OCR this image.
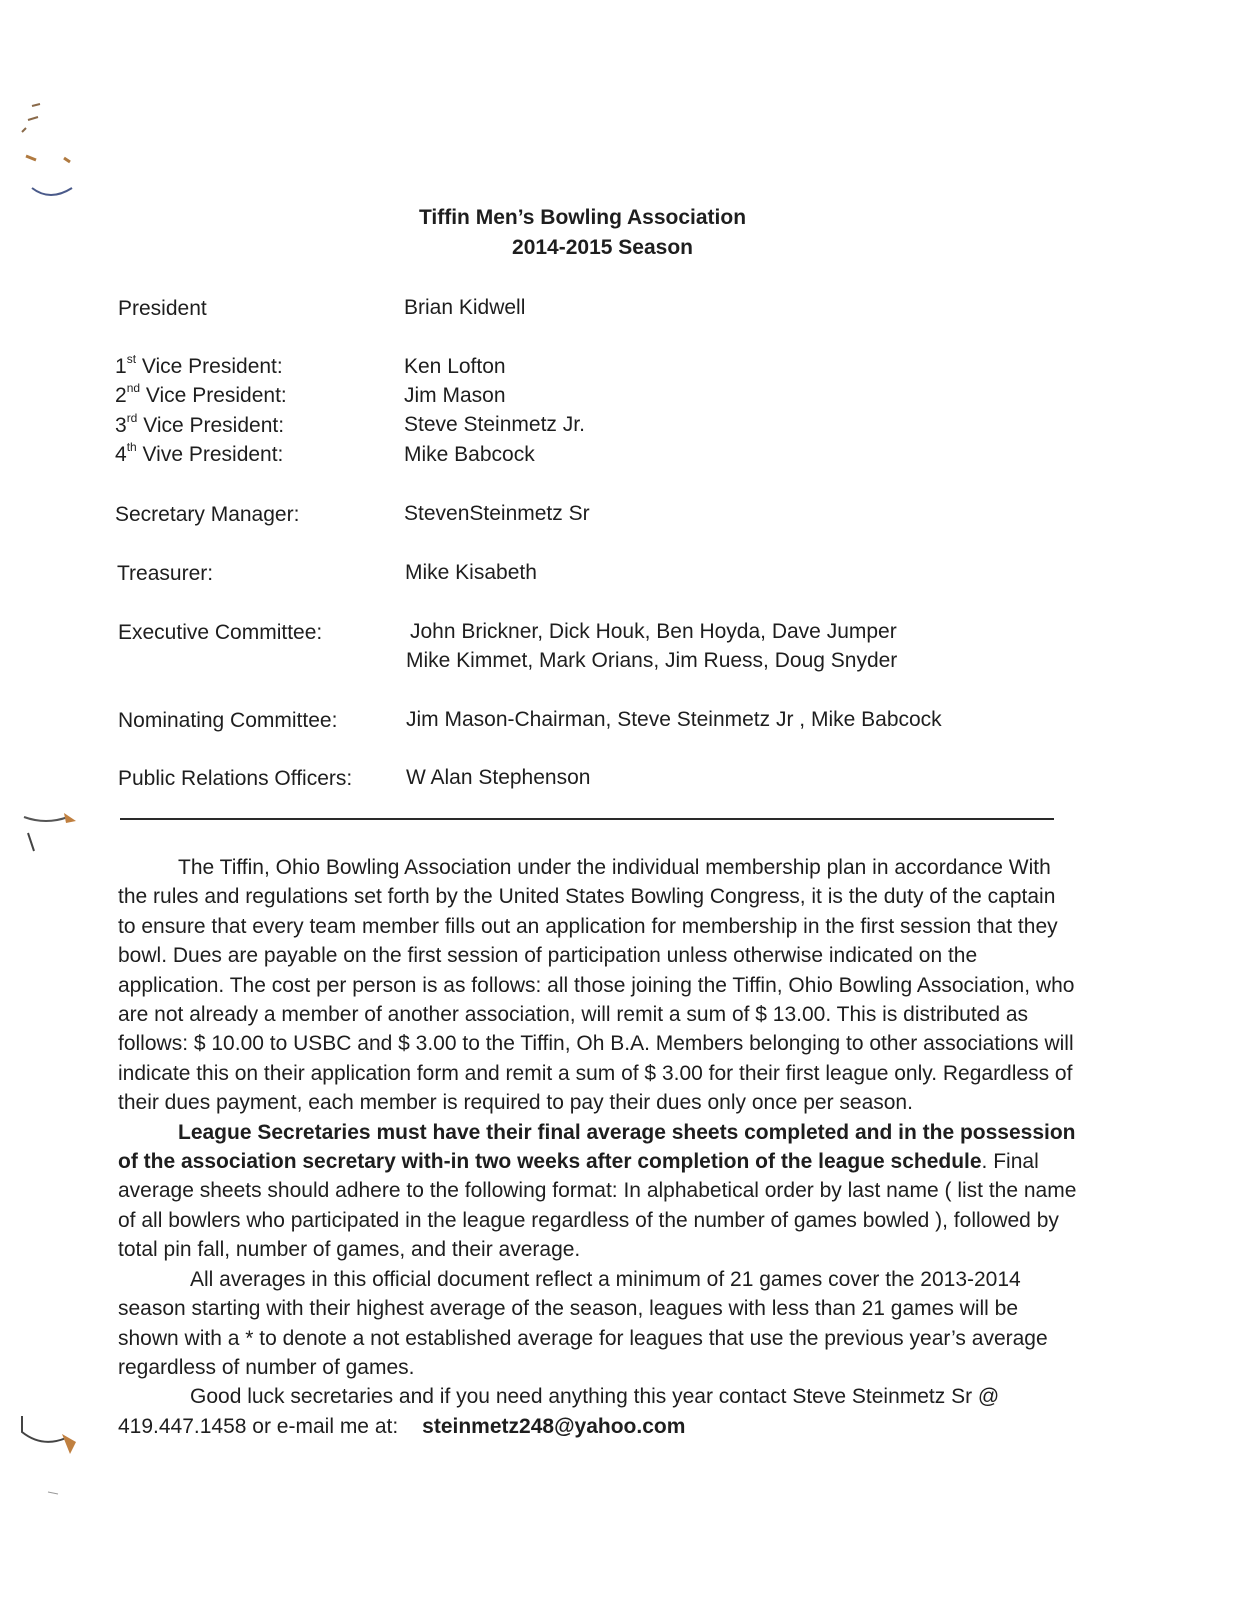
Tiffin Men’s Bowling Association
2014-2015 Season
President	Brian Kidwell
1st Vice President:	Ken Lofton
2nd Vice President:	Jim Mason
3rd Vice President:	Steve Steinmetz Jr.
4th Vive President:	Mike Babcock
Secretary Manager:	StevenSteinmetz Sr
Treasurer:	Mike Kisabeth
Executive Committee:	John Brickner, Dick Houk, Ben Hoyda, Dave Jumper
Mike Kimmet, Mark Orians, Jim Ruess, Doug Snyder
Nominating Committee:	Jim Mason-Chairman, Steve Steinmetz Jr , Mike Babcock
Public Relations Officers:	W Alan Stephenson

The Tiffin, Ohio Bowling Association under the individual membership plan in accordance With the rules and regulations set forth by the United States Bowling Congress, it is the duty of the captain to ensure that every team member fills out an application for membership in the first session that they bowl. Dues are payable on the first session of participation unless otherwise indicated on the application. The cost per person is as follows: all those joining the Tiffin, Ohio Bowling Association, who are not already a member of another association, will remit a sum of $ 13.00. This is distributed as follows: $ 10.00 to USBC and $ 3.00 to the Tiffin, Oh B.A. Members belonging to other associations will indicate this on their application form and remit a sum of $ 3.00 for their first league only. Regardless of their dues payment, each member is required to pay their dues only once per season.

League Secretaries must have their final average sheets completed and in the possession of the association secretary with-in two weeks after completion of the league schedule. Final average sheets should adhere to the following format: In alphabetical order by last name ( list the name of all bowlers who participated in the league regardless of the number of games bowled ), followed by total pin fall, number of games, and their average.

All averages in this official document reflect a minimum of 21 games cover the 2013-2014 season starting with their highest average of the season, leagues with less than 21 games will be shown with a * to denote a not established average for leagues that use the previous year’s average regardless of number of games.

Good luck secretaries and if you need anything this year contact Steve Steinmetz Sr @ 419.447.1458 or e-mail me at: steinmetz248@yahoo.com
